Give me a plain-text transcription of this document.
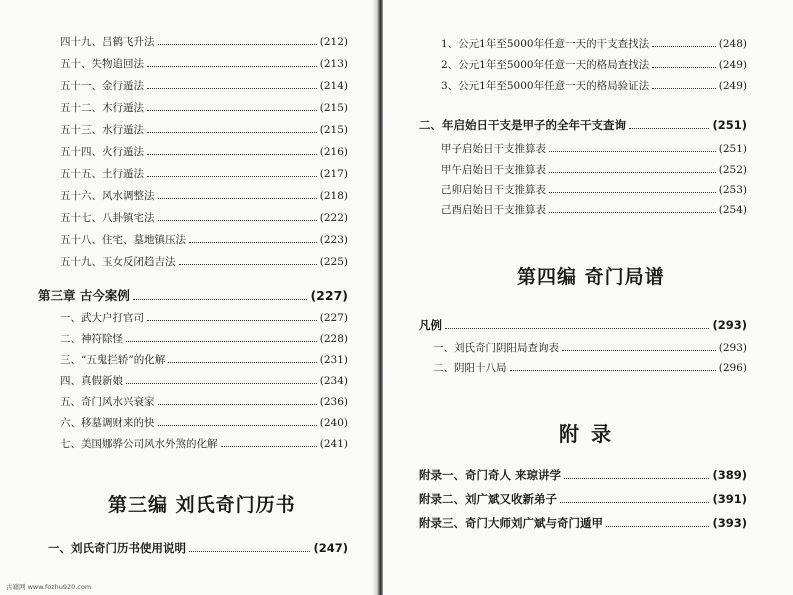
四十九、吕鹤飞升法	(212)
五十、失物追回法	(213)
五十一、金行遁法	(214)
五十二、木行遁法	(215)
五十三、水行遁法	(215)
五十四、火行遁法	(216)
五十五、土行遁法	(217)
五十六、风水调整法	(218)
五十七、八卦镇宅法	(222)
五十八、住宅、墓地镇压法	(223)
五十九、玉女反闭趋吉法	(225)
第三章 古今案例	(227)
一、武大户打官司	(227)
二、神符除怪	(228)
三、“五鬼拦轿”的化解	(231)
四、真假新娘	(234)
五、奇门风水兴衰家	(236)
六、移墓调财来的快	(240)
七、美国娜骅公司风水外煞的化解	(241)
第三编 刘氏奇门历书
一、刘氏奇门历书使用说明	(247)
古籍网 www.fozhu920.com
1、公元1年至5000年任意一天的干支查找法	(248)
2、公元1年至5000年任意一天的格局查找法	(249)
3、公元1年至5000年任意一天的格局验证法	(249)
二、年启始日干支是甲子的全年干支查询	(251)
甲子启始日干支推算表	(251)
甲午启始日干支推算表	(252)
己卯启始日干支推算表	(253)
己酉启始日干支推算表	(254)
第四编 奇门局谱
凡例	(293)
一、刘氏奇门阴阳局查询表	(293)
二、阴阳十八局	(296)
附录
附录一、奇门奇人 来琼讲学	(389)
附录二、刘广斌又收新弟子	(391)
附录三、奇门大师刘广斌与奇门遁甲	(393)
